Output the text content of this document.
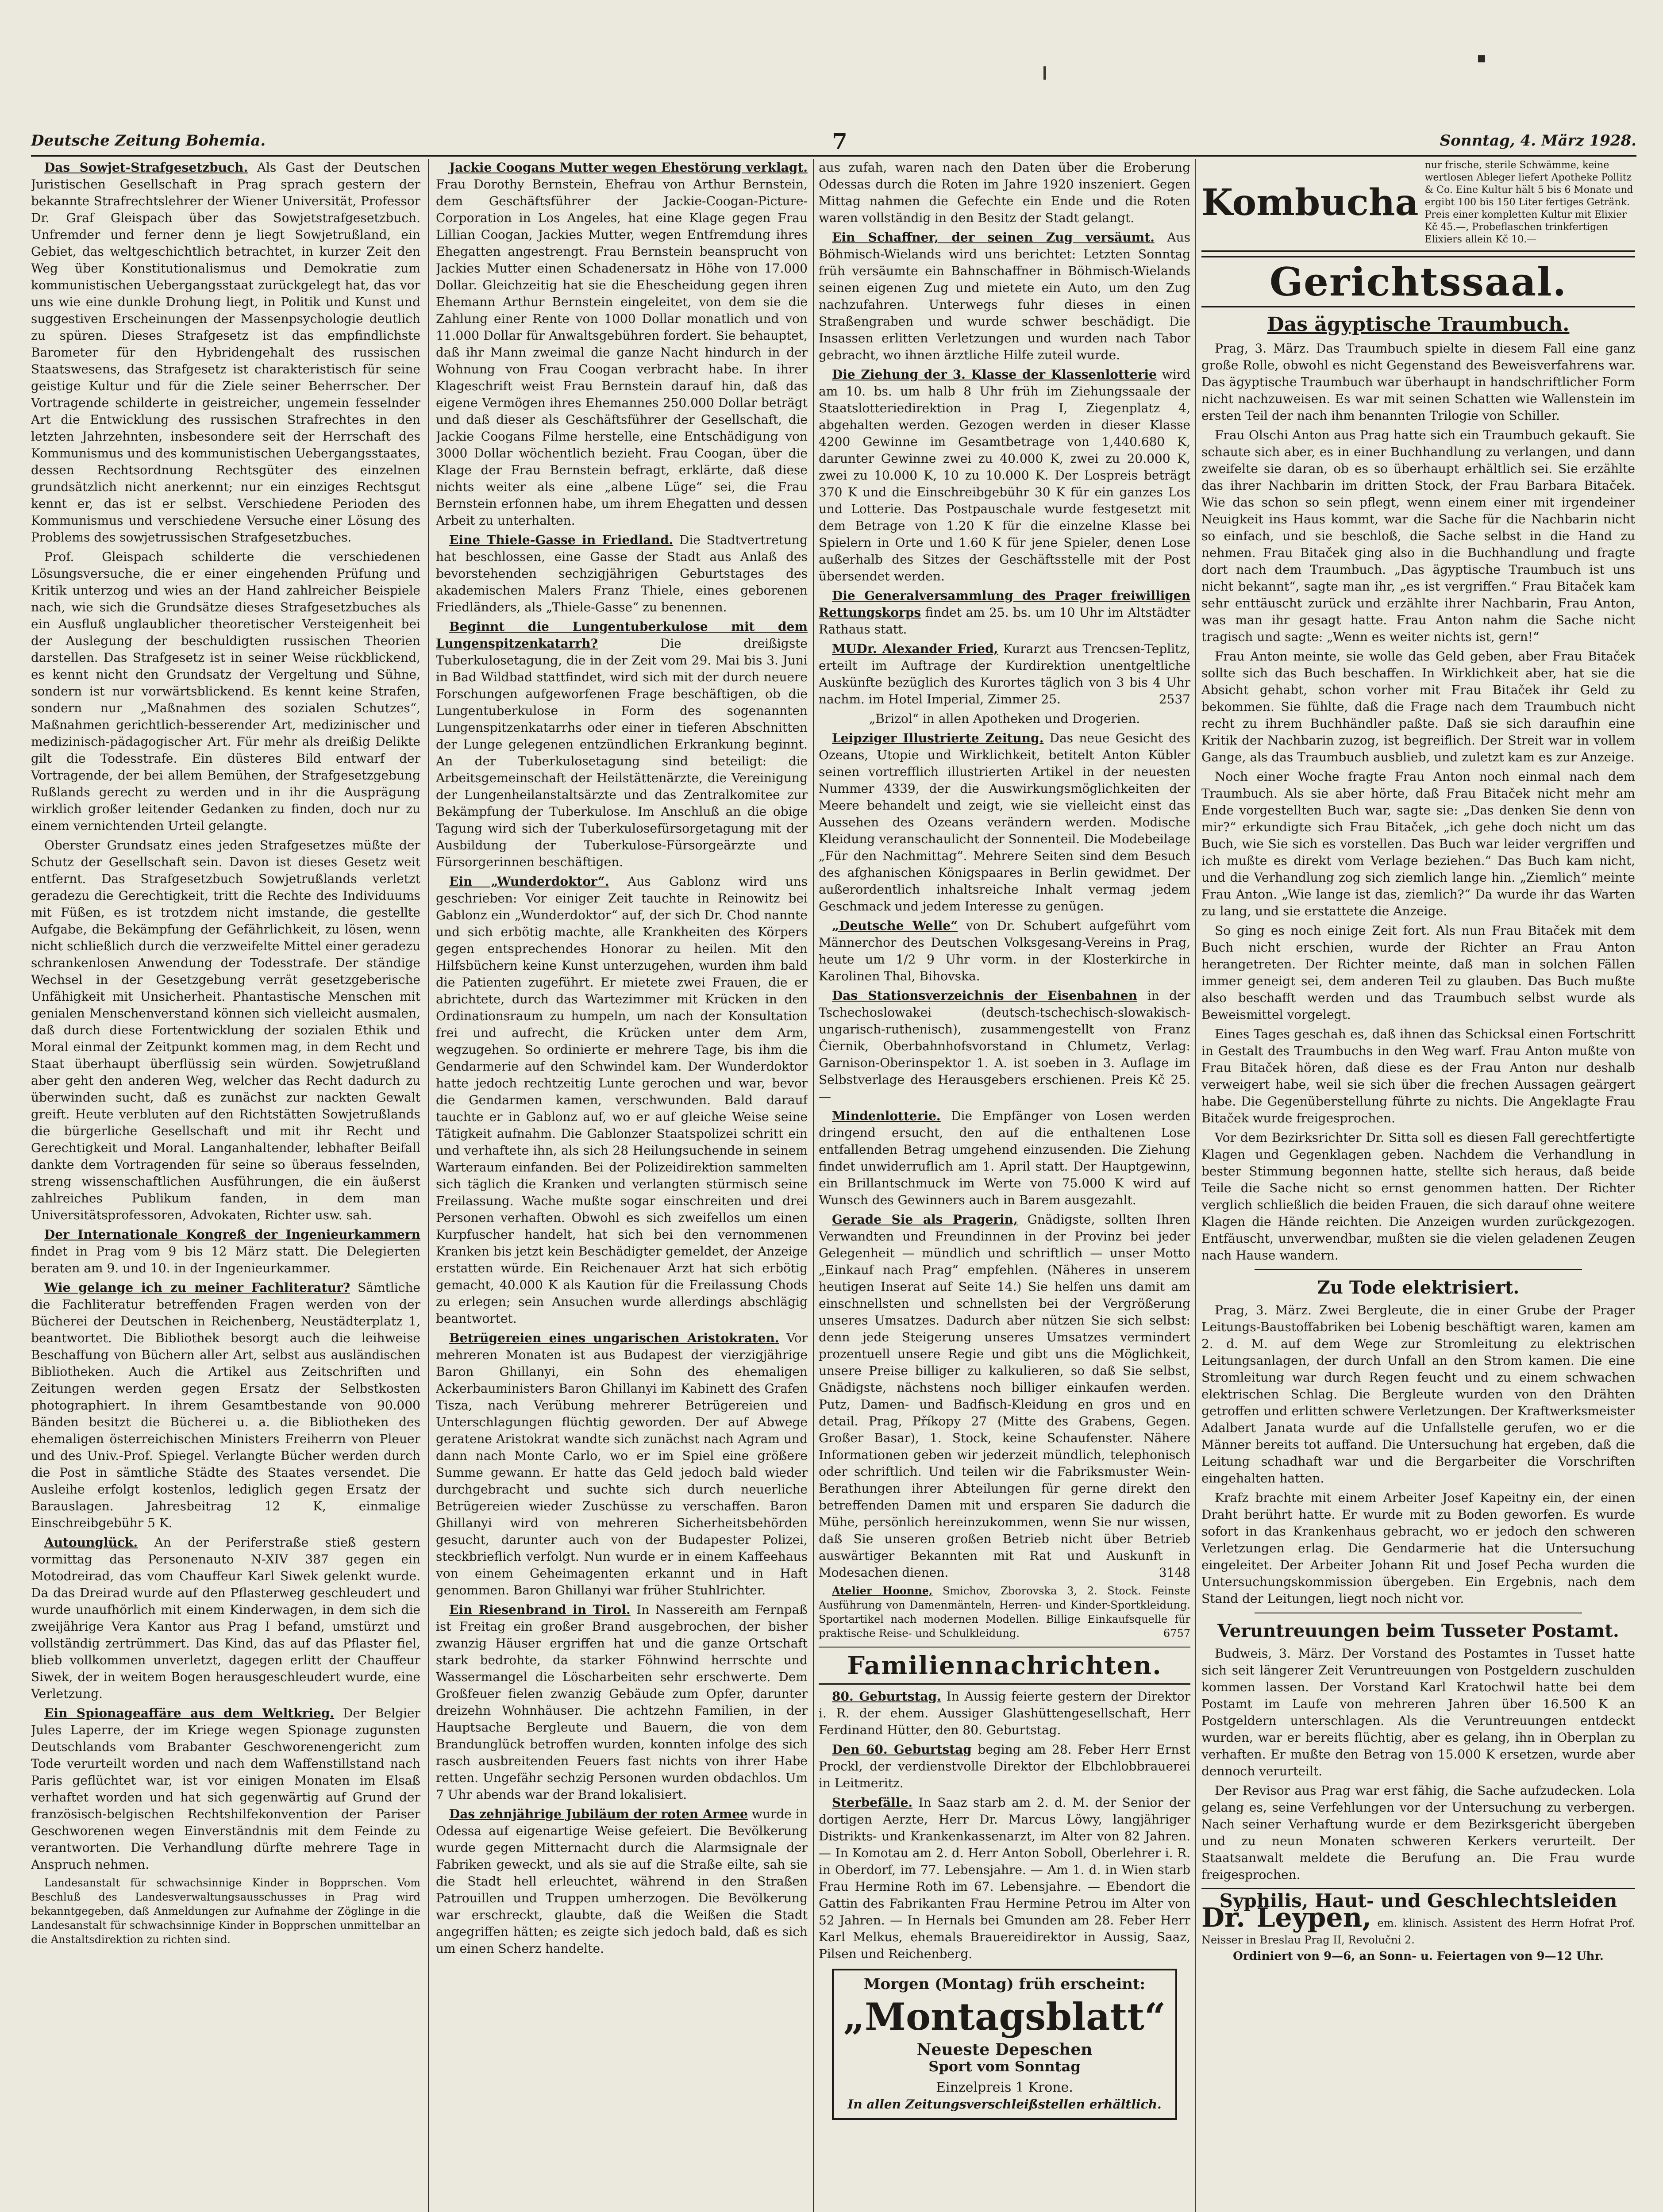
Deutsche Zeitung Bohemia.	7	Sonntag, 4. März 1928.

Das Sowjet-Strafgesetzbuch. Als Gast der Deutschen Juristischen Gesellschaft in Prag sprach gestern der bekannte Strafrechtslehrer der Wiener Universität, Professor Dr. Graf Gleispach über das Sowjetstrafgesetzbuch. Unfremder und ferner denn je liegt Sowjetrußland, ein Gebiet, das weltgeschichtlich betrachtet, in kurzer Zeit den Weg über Konstitutionalismus und Demokratie zum kommunistischen Uebergangsstaat zurückgelegt hat, das vor uns wie eine dunkle Drohung liegt, in Politik und Kunst und suggestiven Erscheinungen der Massenpsychologie deutlich zu spüren. Dieses Strafgesetz ist das empfindlichste Barometer für den Hybridengehalt des russischen Staatswesens, das Strafgesetz ist charakteristisch für seine geistige Kultur und für die Ziele seiner Beherrscher. Der Vortragende schilderte in geistreicher, ungemein fesselnder Art die Entwicklung des russischen Strafrechtes in den letzten Jahrzehnten, insbesondere seit der Herrschaft des Kommunismus und des kommunistischen Uebergangsstaates, dessen Rechtsordnung Rechtsgüter des einzelnen grundsätzlich nicht anerkennt; nur ein einziges Rechtsgut kennt er, das ist er selbst. Verschiedene Perioden des Kommunismus und verschiedene Versuche einer Lösung des Problems des sowjetrussischen Strafgesetzbuches.

Prof. Gleispach schilderte die verschiedenen Lösungsversuche, die er einer eingehenden Prüfung und Kritik unterzog und wies an der Hand zahlreicher Beispiele nach, wie sich die Grundsätze dieses Strafgesetzbuches als ein Ausfluß unglaublicher theoretischer Versteigenheit bei der Auslegung der beschuldigten russischen Theorien darstellen. Das Strafgesetz ist in seiner Weise rückblickend, es kennt nicht den Grundsatz der Vergeltung und Sühne, sondern ist nur vorwärtsblickend. Es kennt keine Strafen, sondern nur „Maßnahmen des sozialen Schutzes“, Maßnahmen gerichtlich-besserender Art, medizinischer und medizinisch-pädagogischer Art. Für mehr als dreißig Delikte gilt die Todesstrafe. Ein düsteres Bild entwarf der Vortragende, der bei allem Bemühen, der Strafgesetzgebung Rußlands gerecht zu werden und in ihr die Ausprägung wirklich großer leitender Gedanken zu finden, doch nur zu einem vernichtenden Urteil gelangte.

Oberster Grundsatz eines jeden Strafgesetzes müßte der Schutz der Gesellschaft sein. Davon ist dieses Gesetz weit entfernt. Das Strafgesetzbuch Sowjetrußlands verletzt geradezu die Gerechtigkeit, tritt die Rechte des Individuums mit Füßen, es ist trotzdem nicht imstande, die gestellte Aufgabe, die Bekämpfung der Gefährlichkeit, zu lösen, wenn nicht schließlich durch die verzweifelte Mittel einer geradezu schrankenlosen Anwendung der Todesstrafe. Der ständige Wechsel in der Gesetzgebung verrät gesetzgeberische Unfähigkeit mit Unsicherheit. Phantastische Menschen mit genialen Menschenverstand können sich vielleicht ausmalen, daß durch diese Fortentwicklung der sozialen Ethik und Moral einmal der Zeitpunkt kommen mag, in dem Recht und Staat überhaupt überflüssig sein würden. Sowjetrußland aber geht den anderen Weg, welcher das Recht dadurch zu überwinden sucht, daß es zunächst zur nackten Gewalt greift. Heute verbluten auf den Richtstätten Sowjetrußlands die bürgerliche Gesellschaft und mit ihr Recht und Gerechtigkeit und Moral. Langanhaltender, lebhafter Beifall dankte dem Vortragenden für seine so überaus fesselnden, streng wissenschaftlichen Ausführungen, die ein äußerst zahlreiches Publikum fanden, in dem man Universitätsprofessoren, Advokaten, Richter usw. sah.

Der Internationale Kongreß der Ingenieurkammern findet in Prag vom 9 bis 12 März statt. Die Delegierten beraten am 9. und 10. in der Ingenieurkammer.

Wie gelange ich zu meiner Fachliteratur? Sämtliche die Fachliteratur betreffenden Fragen werden von der Bücherei der Deutschen in Reichenberg, Neustädterplatz 1, beantwortet. Die Bibliothek besorgt auch die leihweise Beschaffung von Büchern aller Art, selbst aus ausländischen Bibliotheken. Auch die Artikel aus Zeitschriften und Zeitungen werden gegen Ersatz der Selbstkosten photographiert. In ihrem Gesamtbestande von 90.000 Bänden besitzt die Bücherei u. a. die Bibliotheken des ehemaligen österreichischen Ministers Freiherrn von Pleuer und des Univ.-Prof. Spiegel. Verlangte Bücher werden durch die Post in sämtliche Städte des Staates versendet. Die Ausleihe erfolgt kostenlos, lediglich gegen Ersatz der Barauslagen. Jahresbeitrag 12 K, einmalige Einschreibgebühr 5 K.

Autounglück. An der Periferstraße stieß gestern vormittag das Personenauto N-XIV 387 gegen ein Motodreirad, das vom Chauffeur Karl Siwek gelenkt wurde. Da das Dreirad wurde auf den Pflasterweg geschleudert und wurde unaufhörlich mit einem Kinderwagen, in dem sich die zweijährige Vera Kantor aus Prag I befand, umstürzt und vollständig zertrümmert. Das Kind, das auf das Pflaster fiel, blieb vollkommen unverletzt, dagegen erlitt der Chauffeur Siwek, der in weitem Bogen herausgeschleudert wurde, eine Verletzung.

Ein Spionageaffäre aus dem Weltkrieg. Der Belgier Jules Laperre, der im Kriege wegen Spionage zugunsten Deutschlands vom Brabanter Geschworenengericht zum Tode verurteilt worden und nach dem Waffenstillstand nach Paris geflüchtet war, ist vor einigen Monaten im Elsaß verhaftet worden und hat sich gegenwärtig auf Grund der französisch-belgischen Rechtshilfekonvention der Pariser Geschworenen wegen Einverständnis mit dem Feinde zu verantworten. Die Verhandlung dürfte mehrere Tage in Anspruch nehmen.

Landesanstalt für schwachsinnige Kinder in Bopprschen. Vom Beschluß des Landesverwaltungsausschusses in Prag wird bekanntgegeben, daß Anmeldungen zur Aufnahme der Zöglinge in die Landesanstalt für schwachsinnige Kinder in Bopprschen unmittelbar an die Anstaltsdirektion zu richten sind.

Jackie Coogans Mutter wegen Ehestörung verklagt. Frau Dorothy Bernstein, Ehefrau von Arthur Bernstein, dem Geschäftsführer der Jackie-Coogan-Picture-Corporation in Los Angeles, hat eine Klage gegen Frau Lillian Coogan, Jackies Mutter, wegen Entfremdung ihres Ehegatten angestrengt. Frau Bernstein beansprucht von Jackies Mutter einen Schadenersatz in Höhe von 17.000 Dollar. Gleichzeitig hat sie die Ehescheidung gegen ihren Ehemann Arthur Bernstein eingeleitet, von dem sie die Zahlung einer Rente von 1000 Dollar monatlich und von 11.000 Dollar für Anwaltsgebühren fordert. Sie behauptet, daß ihr Mann zweimal die ganze Nacht hindurch in der Wohnung von Frau Coogan verbracht habe. In ihrer Klageschrift weist Frau Bernstein darauf hin, daß das eigene Vermögen ihres Ehemannes 250.000 Dollar beträgt und daß dieser als Geschäftsführer der Gesellschaft, die Jackie Coogans Filme herstelle, eine Entschädigung von 3000 Dollar wöchentlich bezieht. Frau Coogan, über die Klage der Frau Bernstein befragt, erklärte, daß diese nichts weiter als eine „albene Lüge“ sei, die Frau Bernstein erfonnen habe, um ihrem Ehegatten und dessen Arbeit zu unterhalten.

Eine Thiele-Gasse in Friedland. Die Stadtvertretung hat beschlossen, eine Gasse der Stadt aus Anlaß des bevorstehenden sechzigjährigen Geburtstages des akademischen Malers Franz Thiele, eines geborenen Friedländers, als „Thiele-Gasse“ zu benennen.

Beginnt die Lungentuberkulose mit dem Lungenspitzenkatarrh?	Die dreißigste Tuberkulosetagung, die in der Zeit vom 29. Mai bis 3. Juni in Bad Wildbad stattfindet, wird sich mit der durch neuere Forschungen aufgeworfenen Frage beschäftigen, ob die Lungentuberkulose in Form des sogenannten Lungenspitzenkatarrhs oder einer in tieferen Abschnitten der Lunge gelegenen entzündlichen Erkrankung beginnt. An der Tuberkulosetagung sind beteiligt: die Arbeitsgemeinschaft der Heilstättenärzte, die Vereinigung der Lungenheilanstaltsärzte und das Zentralkomitee zur Bekämpfung der Tuberkulose. Im Anschluß an die obige Tagung wird sich der Tuberkulosefürsorgetagung mit der Ausbildung der Tuberkulose-Fürsorgeärzte und Fürsorgerinnen beschäftigen.

Ein „Wunderdoktor“. Aus Gablonz wird uns geschrieben: Vor einiger Zeit tauchte in Reinowitz bei Gablonz ein „Wunderdoktor“ auf, der sich Dr. Chod nannte und sich erbötig machte, alle Krankheiten des Körpers gegen entsprechendes Honorar zu heilen. Mit den Hilfsbüchern keine Kunst unterzugehen, wurden ihm bald die Patienten zugeführt. Er mietete zwei Frauen, die er abrichtete, durch das Wartezimmer mit Krücken in den Ordinationsraum zu humpeln, um nach der Konsultation frei und aufrecht, die Krücken unter dem Arm, wegzugehen. So ordinierte er mehrere Tage, bis ihm die Gendarmerie auf den Schwindel kam. Der Wunderdoktor hatte jedoch rechtzeitig Lunte gerochen und war, bevor die Gendarmen kamen, verschwunden. Bald darauf tauchte er in Gablonz auf, wo er auf gleiche Weise seine Tätigkeit aufnahm. Die Gablonzer Staatspolizei schritt ein und verhaftete ihn, als sich 28 Heilungsuchende in seinem Warteraum einfanden. Bei der Polizeidirektion sammelten sich täglich die Kranken und verlangten stürmisch seine Freilassung. Wache mußte sogar einschreiten und drei Personen verhaften. Obwohl es sich zweifellos um einen Kurpfuscher handelt, hat sich bei den vernommenen Kranken bis jetzt kein Beschädigter gemeldet, der Anzeige erstatten würde. Ein Reichenauer Arzt hat sich erbötig gemacht, 40.000 K als Kaution für die Freilassung Chods zu erlegen; sein Ansuchen wurde allerdings abschlägig beantwortet.

Betrügereien eines ungarischen Aristokraten. Vor mehreren Monaten ist aus Budapest der vierzigjährige Baron Ghillanyi, ein Sohn des ehemaligen Ackerbauministers Baron Ghillanyi im Kabinett des Grafen Tisza, nach Verübung mehrerer Betrügereien und Unterschlagungen flüchtig geworden. Der auf Abwege geratene Aristokrat wandte sich zunächst nach Agram und dann nach Monte Carlo, wo er im Spiel eine größere Summe gewann. Er hatte das Geld jedoch bald wieder durchgebracht und suchte sich durch neuerliche Betrügereien wieder Zuschüsse zu verschaffen. Baron Ghillanyi wird von mehreren Sicherheitsbehörden gesucht, darunter auch von der Budapester Polizei, steckbrieflich verfolgt. Nun wurde er in einem Kaffeehaus von einem Geheimagenten erkannt und in Haft genommen. Baron Ghillanyi war früher Stuhlrichter.

Ein Riesenbrand in Tirol. In Nassereith am Fernpaß ist Freitag ein großer Brand ausgebrochen, der bisher zwanzig Häuser ergriffen hat und die ganze Ortschaft stark bedrohte, da starker Föhnwind herrschte und Wassermangel die Löscharbeiten sehr erschwerte. Dem Großfeuer fielen zwanzig Gebäude zum Opfer, darunter dreizehn Wohnhäuser. Die achtzehn Familien, in der Hauptsache Bergleute und Bauern, die von dem Brandunglück betroffen wurden, konnten infolge des sich rasch ausbreitenden Feuers fast nichts von ihrer Habe retten. Ungefähr sechzig Personen wurden obdachlos. Um 7 Uhr abends war der Brand lokalisiert.

Das zehnjährige Jubiläum der roten Armee wurde in Odessa auf eigenartige Weise gefeiert. Die Bevölkerung wurde gegen Mitternacht durch die Alarmsignale der Fabriken geweckt, und als sie auf die Straße eilte, sah sie die Stadt hell erleuchtet, während in den Straßen Patrouillen und Truppen umherzogen. Die Bevölkerung war erschreckt, glaubte, daß die Weißen die Stadt angegriffen hätten; es zeigte sich jedoch bald, daß es sich um einen Scherz handelte.

aus zufah, waren nach den Daten über die Eroberung Odessas durch die Roten im Jahre 1920 inszeniert. Gegen Mittag nahmen die Gefechte ein Ende und die Roten waren vollständig in den Besitz der Stadt gelangt.

Ein Schaffner, der seinen Zug versäumt. Aus Böhmisch-Wielands wird uns berichtet: Letzten Sonntag früh versäumte ein Bahnschaffner in Böhmisch-Wielands seinen eigenen Zug und mietete ein Auto, um den Zug nachzufahren. Unterwegs fuhr dieses in einen Straßengraben und wurde schwer beschädigt. Die Insassen erlitten Verletzungen und wurden nach Tabor gebracht, wo ihnen ärztliche Hilfe zuteil wurde.

Die Ziehung der 3. Klasse der Klassenlotterie wird am 10. bs. um halb 8 Uhr früh im Ziehungssaale der Staatslotteriedirektion in Prag I, Ziegenplatz 4, abgehalten werden. Gezogen werden in dieser Klasse 4200 Gewinne im Gesamtbetrage von 1,440.680 K, darunter Gewinne zwei zu 40.000 K, zwei zu 20.000 K, zwei zu 10.000 K, 10 zu 10.000 K. Der Lospreis beträgt 370 K und die Einschreibgebühr 30 K für ein ganzes Los und Lotterie. Das Postpauschale wurde festgesetzt mit dem Betrage von 1.20 K für die einzelne Klasse bei Spielern in Orte und 1.60 K für jene Spieler, denen Lose außerhalb des Sitzes der Geschäftsstelle mit der Post übersendet werden.

Die Generalversammlung des Prager freiwilligen Rettungskorps findet am 25. bs. um 10 Uhr im Altstädter Rathaus statt.

MUDr. Alexander Fried, Kurarzt aus Trencsen-Teplitz, erteilt im Auftrage der Kurdirektion unentgeltliche Auskünfte bezüglich des Kurortes täglich von 3 bis 4 Uhr nachm. im Hotel Imperial, Zimmer 25.	2537

„Brizol“ in allen Apotheken und Drogerien.

Leipziger Illustrierte Zeitung. Das neue Gesicht des Ozeans, Utopie und Wirklichkeit, betitelt Anton Kübler seinen vortrefflich illustrierten Artikel in der neuesten Nummer 4339, der die Auswirkungsmöglichkeiten der Meere behandelt und zeigt, wie sie vielleicht einst das Aussehen des Ozeans verändern werden. Modische Kleidung veranschaulicht der Sonnenteil. Die Modebeilage „Für den Nachmittag“. Mehrere Seiten sind dem Besuch des afghanischen Königspaares in Berlin gewidmet. Der außerordentlich inhaltsreiche Inhalt vermag jedem Geschmack und jedem Interesse zu genügen.

„Deutsche Welle“ von Dr. Schubert aufgeführt vom Männerchor des Deutschen Volksgesang-Vereins in Prag, heute um 1/2 9 Uhr vorm. in der Klosterkirche in Karolinen Thal, Bihovska.

Das Stationsverzeichnis der Eisenbahnen in der Tschechoslowakei (deutsch-tschechisch-slowakisch-ungarisch-ruthenisch), zusammengestellt von Franz Čiernik, Oberbahnhofsvorstand in Chlumetz, Verlag: Garnison-Oberinspektor 1. A. ist soeben in 3. Auflage im Selbstverlage des Herausgebers erschienen. Preis Kč 25.—

Mindenlotterie. Die Empfänger von Losen werden dringend ersucht, den auf die enthaltenen Lose entfallenden Betrag umgehend einzusenden. Die Ziehung findet unwiderruflich am 1. April statt. Der Hauptgewinn, ein Brillantschmuck im Werte von 75.000 K wird auf Wunsch des Gewinners auch in Barem ausgezahlt.

Gerade Sie als Pragerin, Gnädigste, sollten Ihren Verwandten und Freundinnen in der Provinz bei jeder Gelegenheit — mündlich und schriftlich — unser Motto „Einkauf nach Prag“ empfehlen. (Näheres in unserem heutigen Inserat auf Seite 14.) Sie helfen uns damit am einschnellsten und schnellsten bei der Vergrößerung unseres Umsatzes. Dadurch aber nützen Sie sich selbst: denn jede Steigerung unseres Umsatzes vermindert prozentuell unsere Regie und gibt uns die Möglichkeit, unsere Preise billiger zu kalkulieren, so daß Sie selbst, Gnädigste, nächstens noch billiger einkaufen werden. Putz, Damen- und Badfisch-Kleidung en gros und en detail. Prag, Příkopy 27 (Mitte des Grabens, Gegen. Großer Basar), 1. Stock, keine Schaufenster. Nähere Informationen geben wir jederzeit mündlich, telephonisch oder schriftlich. Und teilen wir die Fabriksmuster Wein-Berathungen ihrer Abteilungen für gerne direkt den betreffenden Damen mit und ersparen Sie dadurch die Mühe, persönlich hereinzukommen, wenn Sie nur wissen, daß Sie unseren großen Betrieb nicht über Betrieb auswärtiger Bekannten mit Rat und Auskunft in Modesachen dienen.	3148

Atelier Hoonne, Smichov, Zborovska 3, 2. Stock. Feinste Ausführung von Damenmänteln, Herren- und Kinder-Sportkleidung. Sportartikel nach modernen Modellen. Billige Einkaufsquelle für praktische Reise- und Schulkleidung.	6757

Familiennachrichten.

80. Geburtstag. In Aussig feierte gestern der Direktor i. R. der ehem. Aussiger Glashüttengesellschaft, Herr Ferdinand Hütter, den 80. Geburtstag.

Den 60. Geburtstag beging am 28. Feber Herr Ernst Prockl, der verdienstvolle Direktor der Elbchlobbrauerei in Leitmeritz.

Sterbefälle. In Saaz starb am 2. d. M. der Senior der dortigen Aerzte, Herr Dr. Marcus Löwy, langjähriger Distrikts- und Krankenkassenarzt, im Alter von 82 Jahren. — In Komotau am 2. d. Herr Anton Soboll, Oberlehrer i. R. in Oberdorf, im 77. Lebensjahre. — Am 1. d. in Wien starb Frau Hermine Roth im 67. Lebensjahre. — Ebendort die Gattin des Fabrikanten Frau Hermine Petrou im Alter von 52 Jahren. — In Hernals bei Gmunden am 28. Feber Herr Karl Melkus, ehemals Brauereidirektor in Aussig, Saaz, Pilsen und Reichenberg.

Morgen (Montag) früh erscheint:
„Montagsblatt“
Neueste Depeschen
Sport vom Sonntag
Einzelpreis 1 Krone.
In allen Zeitungsverschleißstellen erhältlich.
Kombucha
nur frische, sterile Schwämme, keine wertlosen Ableger liefert Apotheke Pollitz & Co. Eine Kultur hält 5 bis 6 Monate und ergibt 100 bis 150 Liter fertiges Getränk. Preis einer kompletten Kultur mit Elixier Kč 45.—, Probeflaschen trinkfertigen Elixiers allein Kč 10.—
Gerichtssaal.
Das ägyptische Traumbuch.

Prag, 3. März. Das Traumbuch spielte in diesem Fall eine ganz große Rolle, obwohl es nicht Gegenstand des Beweisverfahrens war. Das ägyptische Traumbuch war überhaupt in handschriftlicher Form nicht nachzuweisen. Es war mit seinen Schatten wie Wallenstein im ersten Teil der nach ihm benannten Trilogie von Schiller.

Frau Olschi Anton aus Prag hatte sich ein Traumbuch gekauft. Sie schaute sich aber, es in einer Buchhandlung zu verlangen, und dann zweifelte sie daran, ob es so überhaupt erhältlich sei. Sie erzählte das ihrer Nachbarin im dritten Stock, der Frau Barbara Bitaček. Wie das schon so sein pflegt, wenn einem einer mit irgendeiner Neuigkeit ins Haus kommt, war die Sache für die Nachbarin nicht so einfach, und sie beschloß, die Sache selbst in die Hand zu nehmen. Frau Bitaček ging also in die Buchhandlung und fragte dort nach dem Traumbuch. „Das ägyptische Traumbuch ist uns nicht bekannt“, sagte man ihr, „es ist vergriffen.“ Frau Bitaček kam sehr enttäuscht zurück und erzählte ihrer Nachbarin, Frau Anton, was man ihr gesagt hatte. Frau Anton nahm die Sache nicht tragisch und sagte: „Wenn es weiter nichts ist, gern!“

Frau Anton meinte, sie wolle das Geld geben, aber Frau Bitaček sollte sich das Buch beschaffen. In Wirklichkeit aber, hat sie die Absicht gehabt, schon vorher mit Frau Bitaček ihr Geld zu bekommen. Sie fühlte, daß die Frage nach dem Traumbuch nicht recht zu ihrem Buchhändler paßte. Daß sie sich daraufhin eine Kritik der Nachbarin zuzog, ist begreiflich. Der Streit war in vollem Gange, als das Traumbuch ausblieb, und zuletzt kam es zur Anzeige.

Noch einer Woche fragte Frau Anton noch einmal nach dem Traumbuch. Als sie aber hörte, daß Frau Bitaček nicht mehr am Ende vorgestellten Buch war, sagte sie: „Das denken Sie denn von mir?“ erkundigte sich Frau Bitaček, „ich gehe doch nicht um das Buch, wie Sie sich es vorstellen. Das Buch war leider vergriffen und ich mußte es direkt vom Verlage beziehen.“ Das Buch kam nicht, und die Verhandlung zog sich ziemlich lange hin. „Ziemlich“ meinte Frau Anton. „Wie lange ist das, ziemlich?“ Da wurde ihr das Warten zu lang, und sie erstattete die Anzeige.

So ging es noch einige Zeit fort. Als nun Frau Bitaček mit dem Buch nicht erschien, wurde der Richter an Frau Anton herangetreten. Der Richter meinte, daß man in solchen Fällen immer geneigt sei, dem anderen Teil zu glauben. Das Buch mußte also beschafft werden und das Traumbuch selbst wurde als Beweismittel vorgelegt.

Eines Tages geschah es, daß ihnen das Schicksal einen Fortschritt in Gestalt des Traumbuchs in den Weg warf. Frau Anton mußte von Frau Bitaček hören, daß diese es der Frau Anton nur deshalb verweigert habe, weil sie sich über die frechen Aussagen geärgert habe. Die Gegenüberstellung führte zu nichts. Die Angeklagte Frau Bitaček wurde freigesprochen.

Vor dem Bezirksrichter Dr. Sitta soll es diesen Fall gerechtfertigte Klagen und Gegenklagen geben. Nachdem die Verhandlung in bester Stimmung begonnen hatte, stellte sich heraus, daß beide Teile die Sache nicht so ernst genommen hatten. Der Richter verglich schließlich die beiden Frauen, die sich darauf ohne weitere Klagen die Hände reichten. Die Anzeigen wurden zurückgezogen. Entfäuscht, unverwendbar, mußten sie die vielen geladenen Zeugen nach Hause wandern.

Zu Tode elektrisiert.

Prag, 3. März. Zwei Bergleute, die in einer Grube der Prager Leitungs-Baustoffabriken bei Lobenig beschäftigt waren, kamen am 2. d. M. auf dem Wege zur Stromleitung zu elektrischen Leitungsanlagen, der durch Unfall an den Strom kamen. Die eine Stromleitung war durch Regen feucht und zu einem schwachen elektrischen Schlag. Die Bergleute wurden von den Drähten getroffen und erlitten schwere Verletzungen. Der Kraftwerksmeister Adalbert Janata wurde auf die Unfallstelle gerufen, wo er die Männer bereits tot auffand. Die Untersuchung hat ergeben, daß die Leitung schadhaft war und die Bergarbeiter die Vorschriften eingehalten hatten.

Krafz brachte mit einem Arbeiter Josef Kapeitny ein, der einen Draht berührt hatte. Er wurde mit zu Boden geworfen. Es wurde sofort in das Krankenhaus gebracht, wo er jedoch den schweren Verletzungen erlag. Die Gendarmerie hat die Untersuchung eingeleitet. Der Arbeiter Johann Rit und Josef Pecha wurden die Untersuchungskommission übergeben. Ein Ergebnis, nach dem Stand der Leitungen, liegt noch nicht vor.

Veruntreuungen beim Tusseter Postamt.

Budweis, 3. März. Der Vorstand des Postamtes in Tusset hatte sich seit längerer Zeit Veruntreuungen von Postgeldern zuschulden kommen lassen. Der Vorstand Karl Kratochwil hatte bei dem Postamt im Laufe von mehreren Jahren über 16.500 K an Postgeldern unterschlagen. Als die Veruntreuungen entdeckt wurden, war er bereits flüchtig, aber es gelang, ihn in Oberplan zu verhaften. Er mußte den Betrag von 15.000 K ersetzen, wurde aber dennoch verurteilt.

Der Revisor aus Prag war erst fähig, die Sache aufzudecken. Lola gelang es, seine Verfehlungen vor der Untersuchung zu verbergen. Nach seiner Verhaftung wurde er dem Bezirksgericht übergeben und zu neun Monaten schweren Kerkers verurteilt. Der Staatsanwalt meldete die Berufung an. Die Frau wurde freigesprochen.

Syphilis, Haut- und Geschlechtsleiden
Dr. Leypen, em. klinisch. Assistent des Herrn Hofrat Prof. Neisser in Breslau Prag II, Revolučni 2.
Ordiniert von 9—6, an Sonn- u. Feiertagen von 9—12 Uhr.
